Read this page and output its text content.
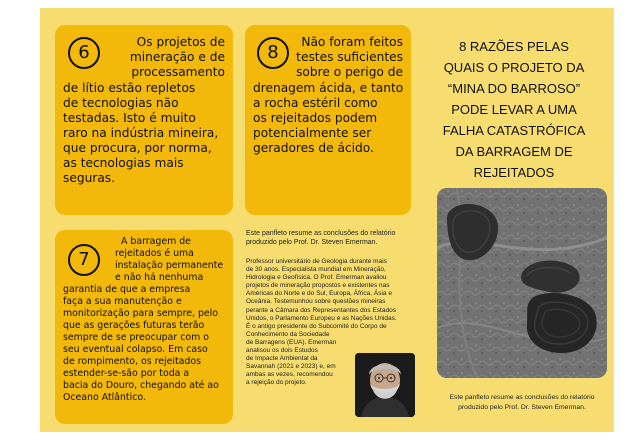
6	Os projetos de
mineração e de
processamento
de lítio estão repletos
de tecnologias não
testadas. Isto é muito
raro na indústria mineira,
que procura, por norma,
as tecnologias mais
seguras.
8	Não foram feitos
testes suficientes
sobre o perigo de
drenagem ácida, e tanto
a rocha estéril como
os rejeitados podem
potencialmente ser
geradores de ácido.
7
A barragem de
rejeitados é uma
instalação permanente
e não há nenhuma
garantia de que a empresa
faça a sua manutenção e
monitorização para sempre, pelo
que as gerações futuras terão
sempre de se preocupar com o
seu eventual colapso. Em caso
de rompimento, os rejeitados
estender-se-são por toda a
bacia do Douro, chegando até ao
Oceano Atlântico.
Este panfleto resume as conclusões do relatório
produzido pelo Prof. Dr. Steven Emerman.
Professor universitário de Geologia durante mais
de 30 anos. Especialista mundial em Mineração,
Hidrologia e Geofísica. O Prof. Emerman avaliou
projetos de mineração propostos e existentes nas
Américas do Norte e do Sul, Europa, África, Ásia e
Oceânia. Testemunhou sobre questões mineiras
perante a Câmara dos Representantes dos Estados
Unidos, o Parlamento Europeu e as Nações Unidas.
É o antigo presidente do Subcomité do Corpo de
Conhecimento da Sociedade
de Barragens (EUA). Emerman
analisou os dois Estudos
de Impacte Ambiental da
Savannah (2021 e 2023) e, em
ambas as vezes, recomendou
a rejeição do projeto.
8 RAZÕES PELAS
QUAIS O PROJETO DA
“MINA DO BARROSO”
PODE LEVAR A UMA
FALHA CATASTRÓFICA
DA BARRAGEM DE
REJEITADOS
Este panfleto resume as conclusões do relatório
produzido pelo Prof. Dr. Steven Emerman.
